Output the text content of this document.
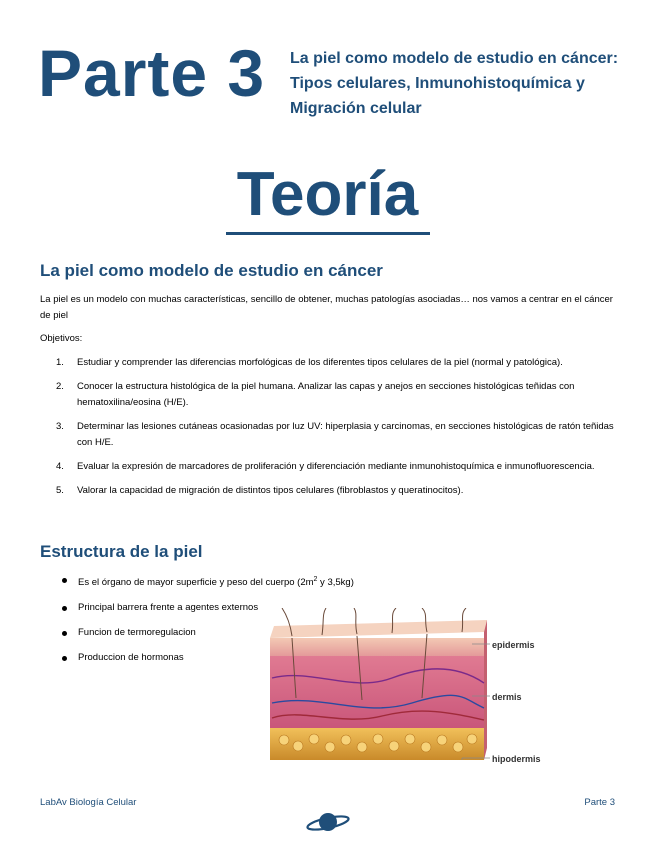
Parte 3 La piel como modelo de estudio en cáncer: Tipos celulares, Inmunohistoquímica y Migración celular
Teoría
La piel como modelo de estudio en cáncer
La piel es un modelo con muchas características, sencillo de obtener, muchas patologías asociadas… nos vamos a centrar en el cáncer de piel
Objetivos:
1. Estudiar y comprender las diferencias morfológicas de los diferentes tipos celulares de la piel (normal y patológica).
2. Conocer la estructura histológica de la piel humana. Analizar las capas y anejos en secciones histológicas teñidas con hematoxilina/eosina (H/E).
3. Determinar las lesiones cutáneas ocasionadas por luz UV: hiperplasia y carcinomas, en secciones histológicas de ratón teñidas con H/E.
4. Evaluar la expresión de marcadores de proliferación y diferenciación mediante inmunohistoquímica e inmunofluorescencia.
5. Valorar la capacidad de migración de distintos tipos celulares (fibroblastos y queratinocitos).
Estructura de la piel
Es el órgano de mayor superficie y peso del cuerpo ($2m^2$ y 3,5kg)
Principal barrera frente a agentes externos
Funcion de termoregulacion
Produccion de hormonas
epidermis
dermis
hipodermis
LabAv Biología Celular	Parte 3
